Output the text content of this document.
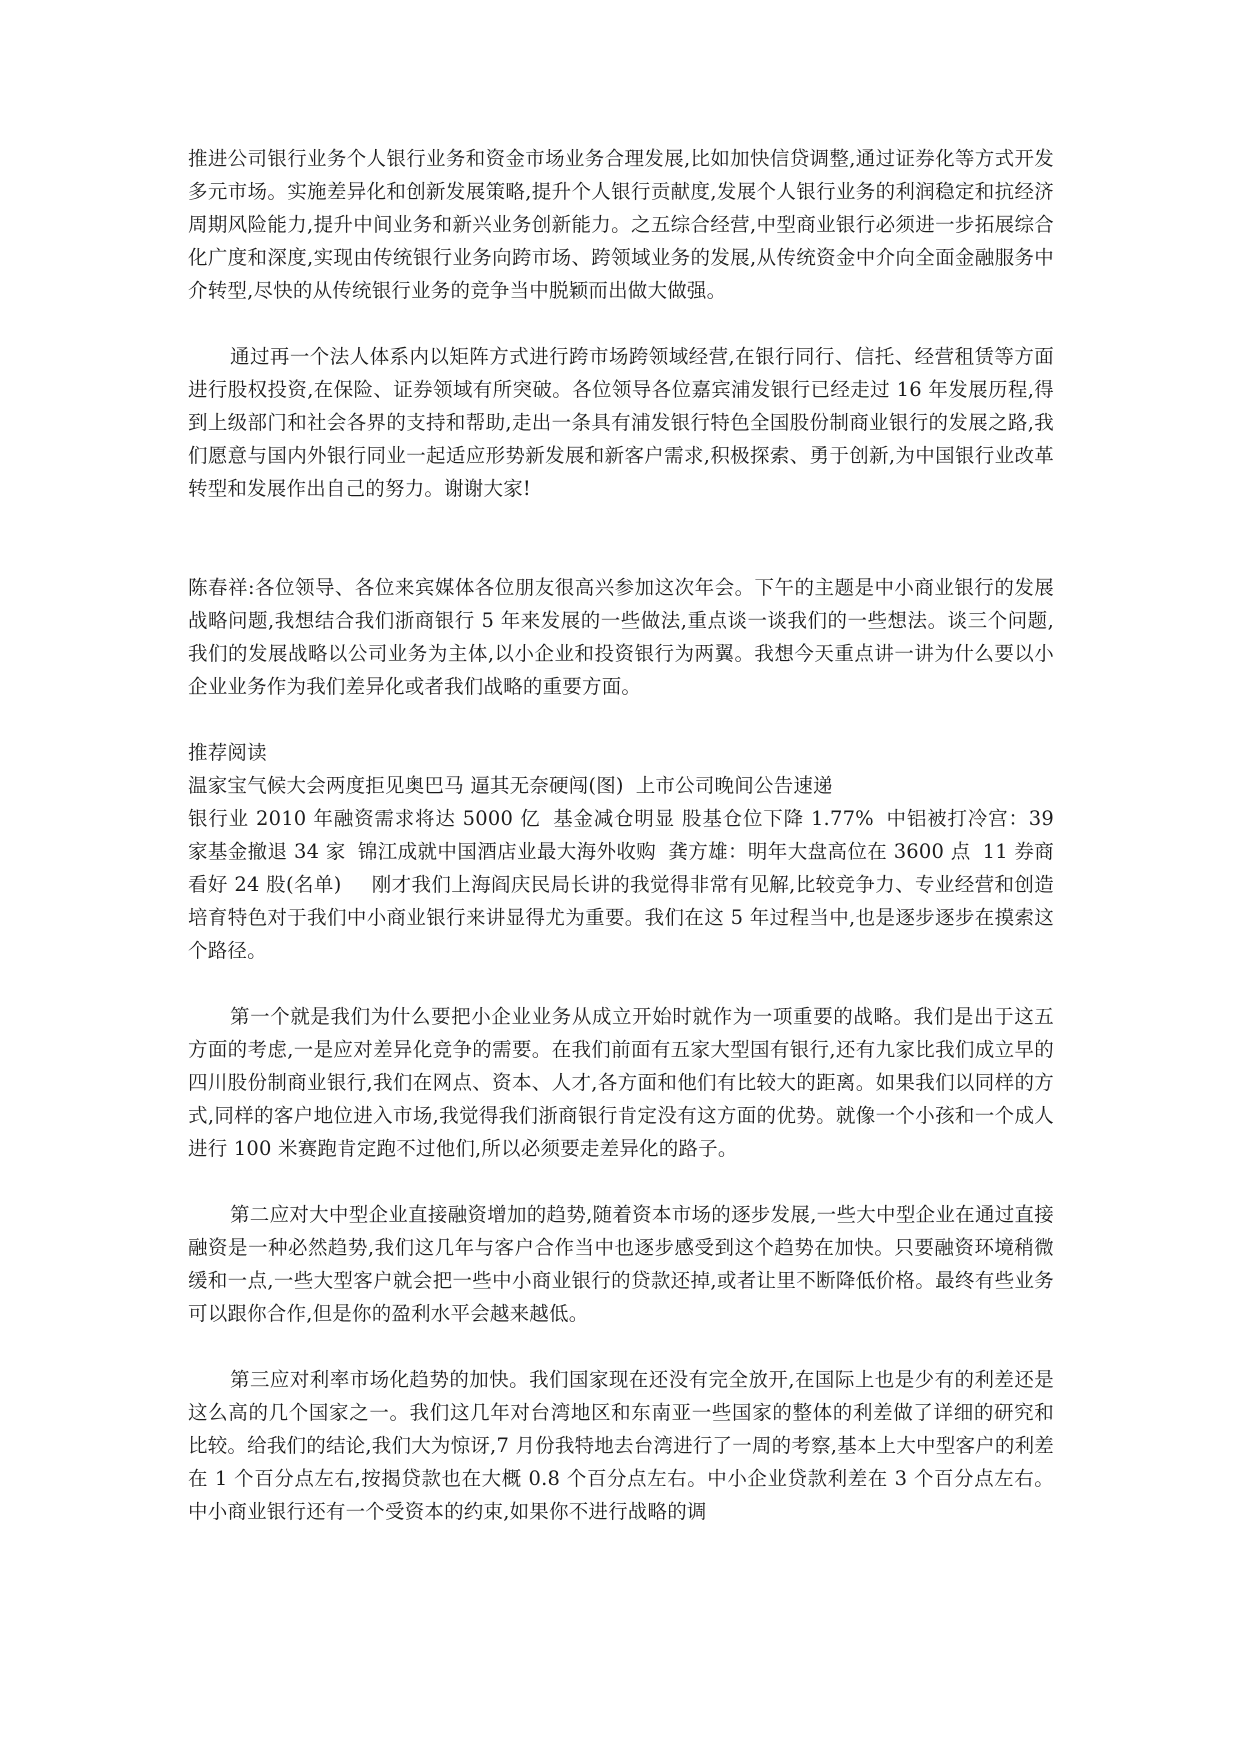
推进公司银行业务个人银行业务和资金市场业务合理发展,比如加快信贷调整,通过证券化等方式开发多元市场。实施差异化和创新发展策略,提升个人银行贡献度,发展个人银行业务的利润稳定和抗经济周期风险能力,提升中间业务和新兴业务创新能力。之五综合经营,中型商业银行必须进一步拓展综合化广度和深度,实现由传统银行业务向跨市场、跨领域业务的发展,从传统资金中介向全面金融服务中介转型,尽快的从传统银行业务的竞争当中脱颖而出做大做强。

通过再一个法人体系内以矩阵方式进行跨市场跨领域经营,在银行同行、信托、经营租赁等方面进行股权投资,在保险、证券领域有所突破。各位领导各位嘉宾浦发银行已经走过 16 年发展历程,得到上级部门和社会各界的支持和帮助,走出一条具有浦发银行特色全国股份制商业银行的发展之路,我们愿意与国内外银行同业一起适应形势新发展和新客户需求,积极探索、勇于创新,为中国银行业改革转型和发展作出自己的努力。谢谢大家!

陈春祥:各位领导、各位来宾媒体各位朋友很高兴参加这次年会。下午的主题是中小商业银行的发展战略问题,我想结合我们浙商银行 5 年来发展的一些做法,重点谈一谈我们的一些想法。谈三个问题,我们的发展战略以公司业务为主体,以小企业和投资银行为两翼。我想今天重点讲一讲为什么要以小企业业务作为我们差异化或者我们战略的重要方面。

推荐阅读

温家宝气候大会两度拒见奥巴马 逼其无奈硬闯(图) 上市公司晚间公告速递

银行业 2010 年融资需求将达 5000 亿 基金减仓明显 股基仓位下降 1.77% 中铝被打冷宫：39 家基金撤退 34 家 锦江成就中国酒店业最大海外收购 龚方雄：明年大盘高位在 3600 点 11 券商看好 24 股(名单) 刚才我们上海阎庆民局长讲的我觉得非常有见解,比较竞争力、专业经营和创造培育特色对于我们中小商业银行来讲显得尤为重要。我们在这 5 年过程当中,也是逐步逐步在摸索这个路径。

第一个就是我们为什么要把小企业业务从成立开始时就作为一项重要的战略。我们是出于这五方面的考虑,一是应对差异化竞争的需要。在我们前面有五家大型国有银行,还有九家比我们成立早的四川股份制商业银行,我们在网点、资本、人才,各方面和他们有比较大的距离。如果我们以同样的方式,同样的客户地位进入市场,我觉得我们浙商银行肯定没有这方面的优势。就像一个小孩和一个成人进行 100 米赛跑肯定跑不过他们,所以必须要走差异化的路子。

第二应对大中型企业直接融资增加的趋势,随着资本市场的逐步发展,一些大中型企业在通过直接融资是一种必然趋势,我们这几年与客户合作当中也逐步感受到这个趋势在加快。只要融资环境稍微缓和一点,一些大型客户就会把一些中小商业银行的贷款还掉,或者让里不断降低价格。最终有些业务可以跟你合作,但是你的盈利水平会越来越低。

第三应对利率市场化趋势的加快。我们国家现在还没有完全放开,在国际上也是少有的利差还是这么高的几个国家之一。我们这几年对台湾地区和东南亚一些国家的整体的利差做了详细的研究和比较。给我们的结论,我们大为惊讶,7 月份我特地去台湾进行了一周的考察,基本上大中型客户的利差在 1 个百分点左右,按揭贷款也在大概 0.8 个百分点左右。中小企业贷款利差在 3 个百分点左右。中小商业银行还有一个受资本的约束,如果你不进行战略的调
